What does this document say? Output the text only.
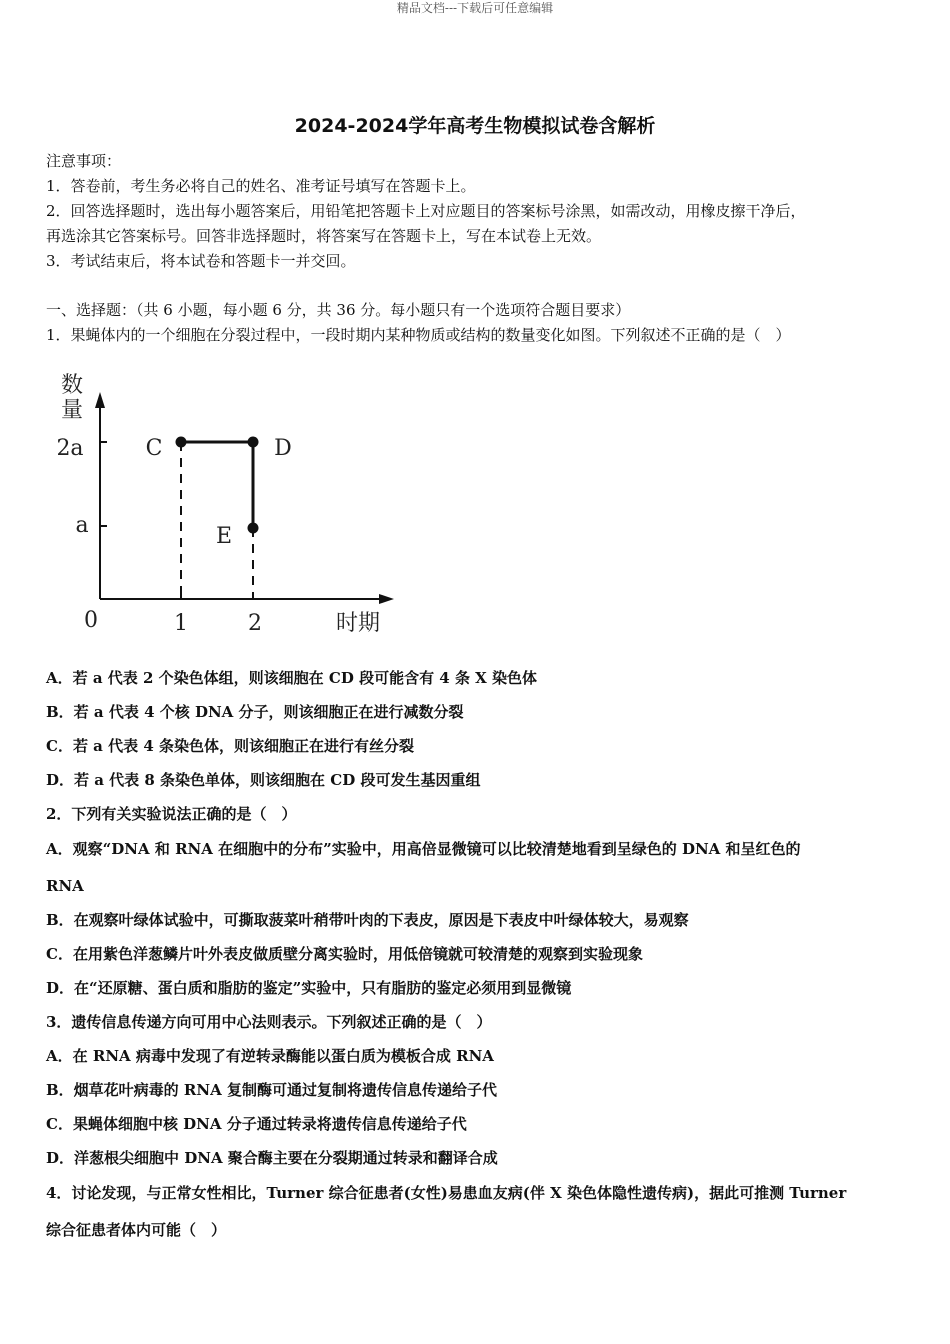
精品文档---下载后可任意编辑
2024-2024学年高考生物模拟试卷含解析
注意事项：
1．答卷前，考生务必将自己的姓名、准考证号填写在答题卡上。
2．回答选择题时，选出每小题答案后，用铅笔把答题卡上对应题目的答案标号涂黑，如需改动，用橡皮擦干净后，
再选涂其它答案标号。回答非选择题时，将答案写在答题卡上，写在本试卷上无效。
3．考试结束后，将本试卷和答题卡一并交回。
一、选择题：（共 6 小题，每小题 6 分，共 36 分。每小题只有一个选项符合题目要求）
1．果蝇体内的一个细胞在分裂过程中，一段时期内某种物质或结构的数量变化如图。下列叙述不正确的是（　）
数
量
2a
a
0	1	2	时期
C	D
E
A．若 a 代表 2 个染色体组，则该细胞在 CD 段可能含有 4 条 X 染色体
B．若 a 代表 4 个核 DNA 分子，则该细胞正在进行减数分裂
C．若 a 代表 4 条染色体，则该细胞正在进行有丝分裂
D．若 a 代表 8 条染色单体，则该细胞在 CD 段可发生基因重组
2．下列有关实验说法正确的是（　）
A．观察“DNA 和 RNA 在细胞中的分布”实验中，用高倍显微镜可以比较清楚地看到呈绿色的 DNA 和呈红色的
RNA
B．在观察叶绿体试验中，可撕取菠菜叶稍带叶肉的下表皮，原因是下表皮中叶绿体较大，易观察
C．在用紫色洋葱鳞片叶外表皮做质壁分离实验时，用低倍镜就可较清楚的观察到实验现象
D．在“还原糖、蛋白质和脂肪的鉴定”实验中，只有脂肪的鉴定必须用到显微镜
3．遗传信息传递方向可用中心法则表示。下列叙述正确的是（　）
A．在 RNA 病毒中发现了有逆转录酶能以蛋白质为模板合成 RNA
B．烟草花叶病毒的 RNA 复制酶可通过复制将遗传信息传递给子代
C．果蝇体细胞中核 DNA 分子通过转录将遗传信息传递给子代
D．洋葱根尖细胞中 DNA 聚合酶主要在分裂期通过转录和翻译合成
4．讨论发现，与正常女性相比，Turner 综合征患者(女性)易患血友病(伴 X 染色体隐性遗传病)，据此可推测 Turner
综合征患者体内可能（　）
